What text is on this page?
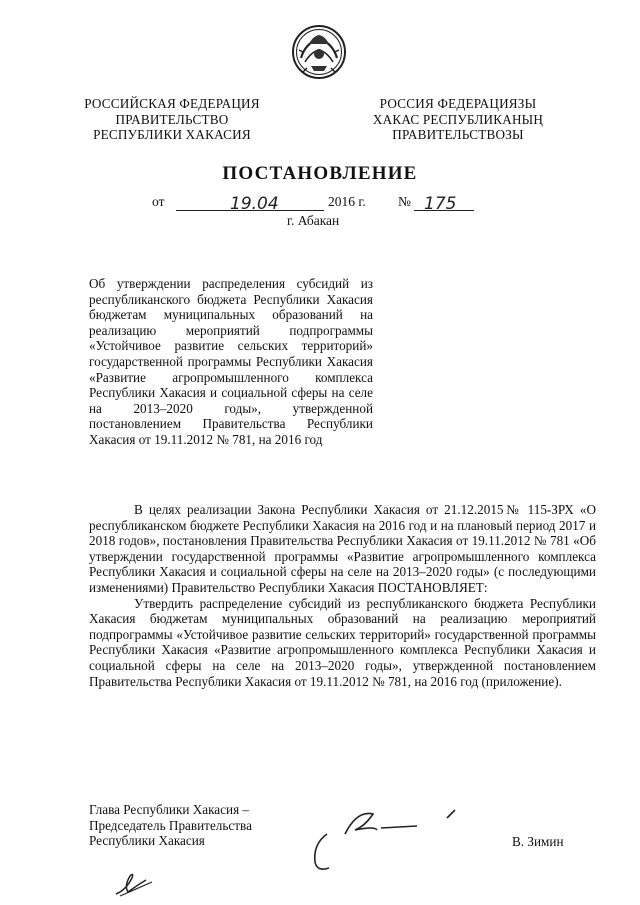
РОССИЙСКАЯ ФЕДЕРАЦИЯ
ПРАВИТЕЛЬСТВО
РЕСПУБЛИКИ ХАКАСИЯ
РОССИЯ ФЕДЕРАЦИЯЗЫ
ХАКАС РЕСПУБЛИКАНЫҢ
ПРАВИТЕЛЬСТВОЗЫ
ПОСТАНОВЛЕНИЕ
от	19.04	2016 г. № 175
г. Абакан
Об утверждении распределения субсидий из республиканского бюджета Республики Хакасия бюджетам муниципальных образований на реализацию мероприятий подпрограммы «Устойчивое развитие сельских территорий» государственной программы Республики Хакасия «Развитие агропромышленного комплекса Республики Хакасия и социальной сферы на селе на 2013–2020 годы», утвержденной постановлением Правительства Республики Хакасия от 19.11.2012 № 781, на 2016 год

В целях реализации Закона Республики Хакасия от 21.12.2015№ 115-ЗРХ «О республиканском бюджете Республики Хакасия на 2016 год и на плановый период 2017 и 2018 годов», постановления Правительства Республики Хакасия от 19.11.2012 № 781 «Об утверждении государственной программы «Развитие агропромышленного комплекса Республики Хакасия и социальной сферы на селе на 2013–2020 годы» (с последующими изменениями) Правительство Республики Хакасия ПОСТАНОВЛЯЕТ:

Утвердить распределение субсидий из республиканского бюджета Республики Хакасия бюджетам муниципальных образований на реализацию мероприятий подпрограммы «Устойчивое развитие сельских территорий» государственной программы Республики Хакасия «Развитие агропромышленного комплекса Республики Хакасия и социальной сферы на селе на 2013–2020 годы», утвержденной постановлением Правительства Республики Хакасия от 19.11.2012 № 781, на 2016 год (приложение).

Глава Республики Хакасия –
Председатель Правительства
Республики Хакасия	В. Зимин
